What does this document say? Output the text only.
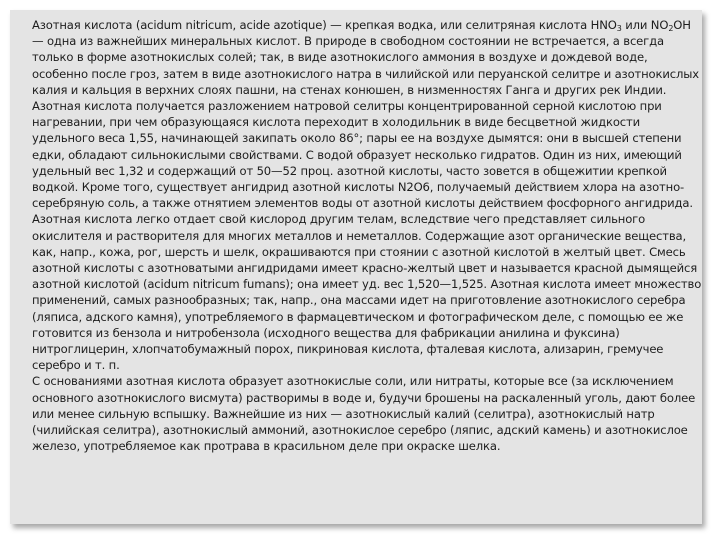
Азотная кислота (acidum nitricum, acide azotique) — крепкая водка, или селитряная кислота $HNO_3$ или $NO_2OH$ — одна из важнейших минеральных кислот. В природе в свободном состоянии не встречается, а всегда только в форме азотнокислых солей; так, в виде азотнокислого аммония в воздухе и дождевой воде, особенно после гроз, затем в виде азотнокислого натра в чилийской или перуанской селитре и азотнокислых калия и кальция в верхних слоях пашни, на стенах конюшен, в низменностях Ганга и других рек Индии. Азотная кислота получается разложением натровой селитры концентрированной серной кислотою при нагревании, при чем образующаяся кислота переходит в холодильник в виде бесцветной жидкости удельного веса 1,55, начинающей закипать около 86°; пары ее на воздухе дымятся: они в высшей степени едки, обладают сильнокислыми свойствами. С водой образует несколько гидратов. Один из них, имеющий удельный вес 1,32 и содержащий от 50—52 проц. азотной кислоты, часто зовется в общежитии крепкой водкой. Кроме того, существует ангидрид азотной кислоты N2O6, получаемый действием хлора на азотно-серебряную соль, а также отнятием элементов воды от азотной кислоты действием фосфорного ангидрида. Азотная кислота легко отдает свой кислород другим телам, вследствие чего представляет сильного окислителя и растворителя для многих металлов и неметаллов. Содержащие азот органические вещества, как, напр., кожа, рог, шерсть и шелк, окрашиваются при стоянии с азотной кислотой в желтый цвет. Смесь азотной кислоты с азотноватыми ангидридами имеет красно-желтый цвет и называется красной дымящейся азотной кислотой (acidum nitricum fumans); она имеет уд. вес 1,520—1,525. Азотная кислота имеет множество применений, самых разнообразных; так, напр., она массами идет на приготовление азотнокислого серебра (ляписа, адского камня), употребляемого в фармацевтическом и фотографическом деле, с помощью ее же готовится из бензола и нитробензола (исходного вещества для фабрикации анилина и фуксина) нитроглицерин, хлопчатобумажный порох, пикриновая кислота, фталевая кислота, ализарин, гремучее серебро и т. п.

С основаниями азотная кислота образует азотнокислые соли, или нитраты, которые все (за исключением основного азотнокислого висмута) растворимы в воде и, будучи брошены на раскаленный уголь, дают более или менее сильную вспышку. Важнейшие из них — азотнокислый калий (селитра), азотнокислый натр (чилийская селитра), азотнокислый аммоний, азотнокислое серебро (ляпис, адский камень) и азотнокислое железо, употребляемое как протрава в красильном деле при окраске шелка.
